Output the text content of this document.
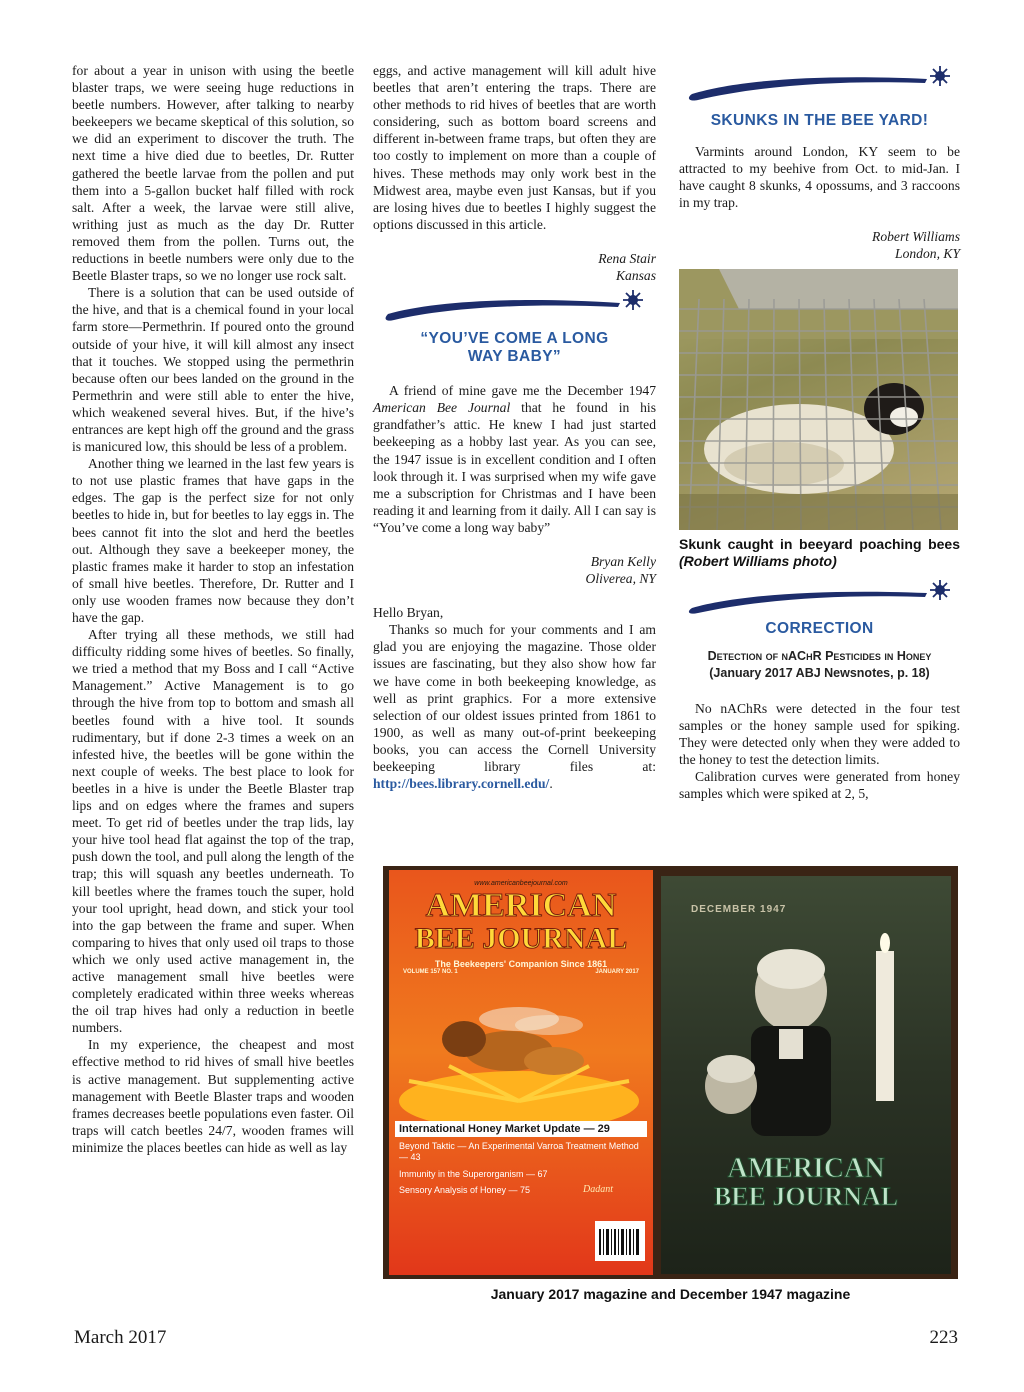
for about a year in unison with using the beetle blaster traps, we were seeing huge reductions in beetle numbers. However, after talking to nearby beekeepers we became skeptical of this solution, so we did an experiment to discover the truth. The next time a hive died due to beetles, Dr. Rutter gathered the beetle larvae from the pollen and put them into a 5-gallon bucket half filled with rock salt. After a week, the larvae were still alive, writhing just as much as the day Dr. Rutter removed them from the pollen. Turns out, the reductions in beetle numbers were only due to the Beetle Blaster traps, so we no longer use rock salt.

There is a solution that can be used outside of the hive, and that is a chemical found in your local farm store—Permethrin. If poured onto the ground outside of your hive, it will kill almost any insect that it touches. We stopped using the permethrin because often our bees landed on the ground in the Permethrin and were still able to enter the hive, which weakened several hives. But, if the hive’s entrances are kept high off the ground and the grass is manicured low, this should be less of a problem.

Another thing we learned in the last few years is to not use plastic frames that have gaps in the edges. The gap is the perfect size for not only beetles to hide in, but for beetles to lay eggs in. The bees cannot fit into the slot and herd the beetles out. Although they save a beekeeper money, the plastic frames make it harder to stop an infestation of small hive beetles. Therefore, Dr. Rutter and I only use wooden frames now because they don’t have the gap.

After trying all these methods, we still had difficulty ridding some hives of beetles. So finally, we tried a method that my Boss and I call “Active Management.” Active Management is to go through the hive from top to bottom and smash all beetles found with a hive tool. It sounds rudimentary, but if done 2-3 times a week on an infested hive, the beetles will be gone within the next couple of weeks. The best place to look for beetles in a hive is under the Beetle Blaster trap lips and on edges where the frames and supers meet. To get rid of beetles under the trap lids, lay your hive tool head flat against the top of the trap, push down the tool, and pull along the length of the trap; this will squash any beetles underneath. To kill beetles where the frames touch the super, hold your tool upright, head down, and stick your tool into the gap between the frame and super. When comparing to hives that only used oil traps to those which we only used active management in, the active management small hive beetles were completely eradicated within three weeks whereas the oil trap hives had only a reduction in beetle numbers.

In my experience, the cheapest and most effective method to rid hives of small hive beetles is active management. But supplementing active management with Beetle Blaster traps and wooden frames decreases beetle populations even faster. Oil traps will catch beetles 24/7, wooden frames will minimize the places beetles can hide as well as lay

eggs, and active management will kill adult hive beetles that aren’t entering the traps. There are other methods to rid hives of beetles that are worth considering, such as bottom board screens and different in-between frame traps, but often they are too costly to implement on more than a couple of hives. These methods may only work best in the Midwest area, maybe even just Kansas, but if you are losing hives due to beetles I highly suggest the options discussed in this article.

Rena Stair

Kansas

“YOU’VE COME A LONG
WAY BABY”

A friend of mine gave me the December 1947 American Bee Journal that he found in his grandfather’s attic. He knew I had just started beekeeping as a hobby last year. As you can see, the 1947 issue is in excellent condition and I often look through it. I was surprised when my wife gave me a subscription for Christmas and I have been reading it and learning from it daily. All I can say is “You’ve come a long way baby”

Bryan Kelly

Oliverea, NY

Hello Bryan,

Thanks so much for your comments and I am glad you are enjoying the magazine. Those older issues are fascinating, but they also show how far we have come in both beekeeping knowledge, as well as print graphics. For a more extensive selection of our oldest issues printed from 1861 to 1900, as well as many out-of-print beekeeping books, you can access the Cornell University beekeeping library files at: http://bees.library.cornell.edu/.

SKUNKS IN THE BEE YARD!

Varmints around London, KY seem to be attracted to my beehive from Oct. to mid-Jan. I have caught 8 skunks, 4 opossums, and 3 raccoons in my trap.

Robert Williams

London, KY

Skunk caught in beeyard poaching bees (Robert Williams photo)
CORRECTION
Detection of nAChR Pesticides in Honey
(January 2017 ABJ Newsnotes, p. 18)

No nAChRs were detected in the four test samples or the honey sample used for spiking. They were detected only when they were added to the honey to test the detection limits.

Calibration curves were generated from honey samples which were spiked at 2, 5,

www.americanbeejournal.com
AMERICAN
BEE JOURNAL
The Beekeepers' Companion Since 1861
VOLUME 157 NO. 1	JANUARY 2017
International Honey Market Update — 29
Beyond Taktic — An Experimental Varroa Treatment Method — 43
Immunity in the Superorganism — 67
Sensory Analysis of Honey — 75	Dadant
DECEMBER 1947
AMERICAN
BEE JOURNAL
January 2017 magazine and December 1947 magazine
March 2017	223
